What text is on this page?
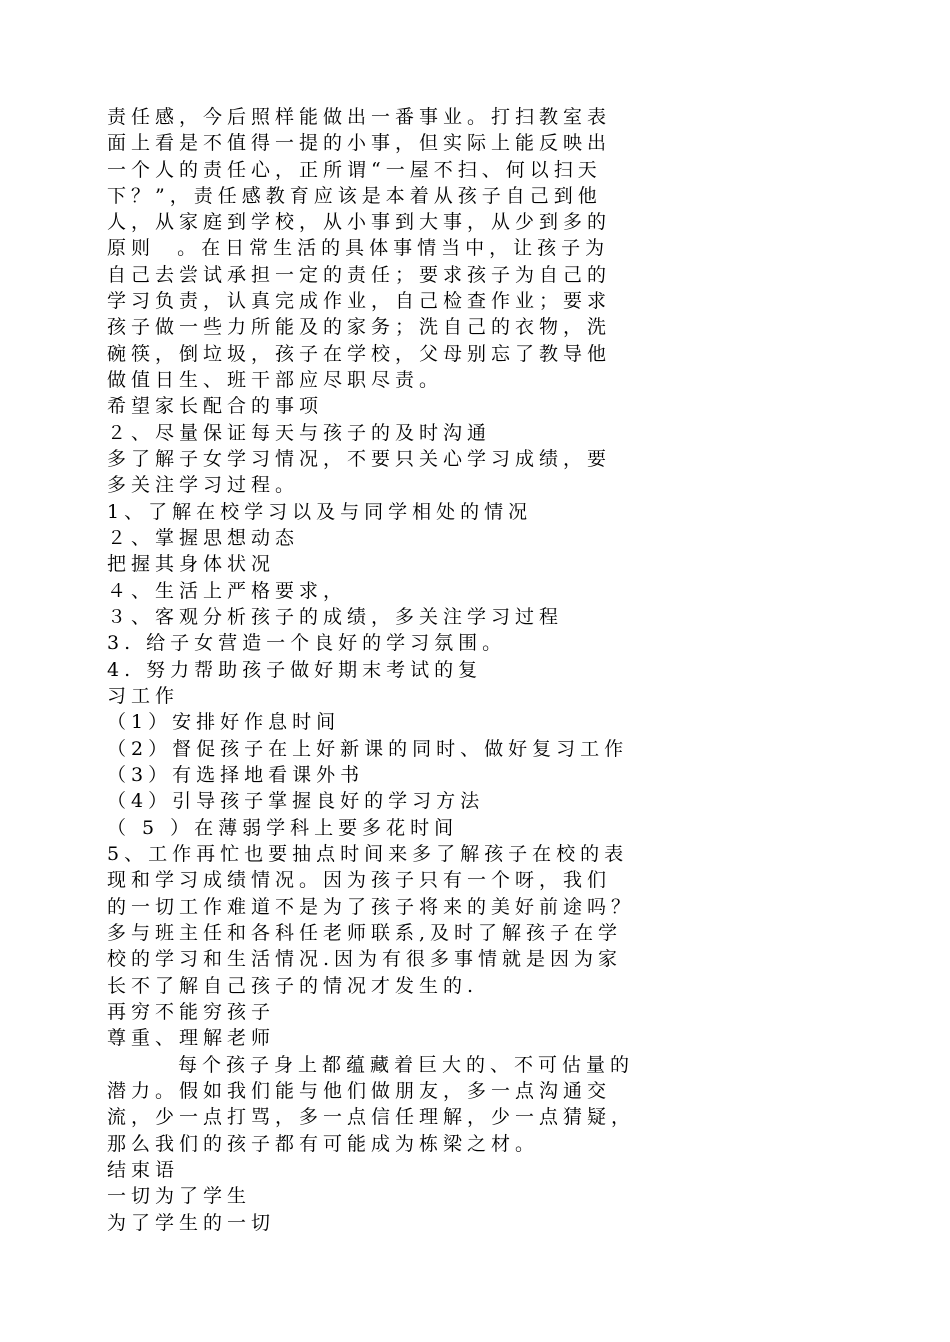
责任感，今后照样能做出一番事业。打扫教室表
面上看是不值得一提的小事，但实际上能反映出
一个人的责任心，正所谓“一屋不扫、何以扫天
下？”，责任感教育应该是本着从孩子自己到他
人，从家庭到学校，从小事到大事，从少到多的
原则  。在日常生活的具体事情当中，让孩子为
自己去尝试承担一定的责任；要求孩子为自己的
学习负责，认真完成作业，自己检查作业；要求
孩子做一些力所能及的家务；洗自己的衣物，洗
碗筷，倒垃圾，孩子在学校，父母别忘了教导他
做值日生、班干部应尽职尽责。
希望家长配合的事项
２、尽量保证每天与孩子的及时沟通
多了解子女学习情况，不要只关心学习成绩，要
多关注学习过程。
1、了解在校学习以及与同学相处的情况
２、掌握思想动态
把握其身体状况
４、生活上严格要求，
３、客观分析孩子的成绩，多关注学习过程
3. 给子女营造一个良好的学习氛围。
4. 努力帮助孩子做好期末考试的复
习工作
（1）安排好作息时间
（2）督促孩子在上好新课的同时、做好复习工作
（3）有选择地看课外书
（4）引导孩子掌握良好的学习方法
（ 5 ）在薄弱学科上要多花时间
5、工作再忙也要抽点时间来多了解孩子在校的表
现和学习成绩情况。因为孩子只有一个呀，我们
的一切工作难道不是为了孩子将来的美好前途吗？
多与班主任和各科任老师联系,及时了解孩子在学
校的学习和生活情况.因为有很多事情就是因为家
长不了解自己孩子的情况才发生的.
再穷不能穷孩子
尊重、理解老师
每个孩子身上都蕴藏着巨大的、不可估量的
潜力。假如我们能与他们做朋友，多一点沟通交
流，少一点打骂，多一点信任理解，少一点猜疑，
那么我们的孩子都有可能成为栋梁之材。
结束语
一切为了学生
为了学生的一切
